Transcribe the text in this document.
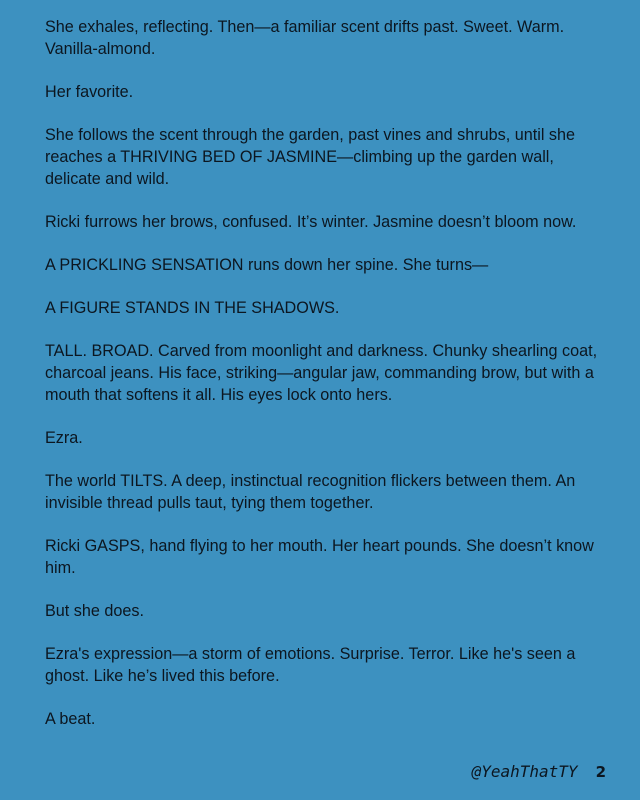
She exhales, reflecting. Then—a familiar scent drifts past. Sweet. Warm. Vanilla-almond.

Her favorite.

She follows the scent through the garden, past vines and shrubs, until she reaches a THRIVING BED OF JASMINE—climbing up the garden wall, delicate and wild.

Ricki furrows her brows, confused. It’s winter. Jasmine doesn’t bloom now.

A PRICKLING SENSATION runs down her spine. She turns—

A FIGURE STANDS IN THE SHADOWS.

TALL. BROAD. Carved from moonlight and darkness. Chunky shearling coat, charcoal jeans. His face, striking—angular jaw, commanding brow, but with a mouth that softens it all. His eyes lock onto hers.

Ezra.

The world TILTS. A deep, instinctual recognition flickers between them. An invisible thread pulls taut, tying them together.

Ricki GASPS, hand flying to her mouth. Her heart pounds. She doesn’t know him.

But she does.

Ezra's expression—a storm of emotions. Surprise. Terror. Like he's seen a ghost. Like he’s lived this before.

A beat.

@YeahThatTY 2
